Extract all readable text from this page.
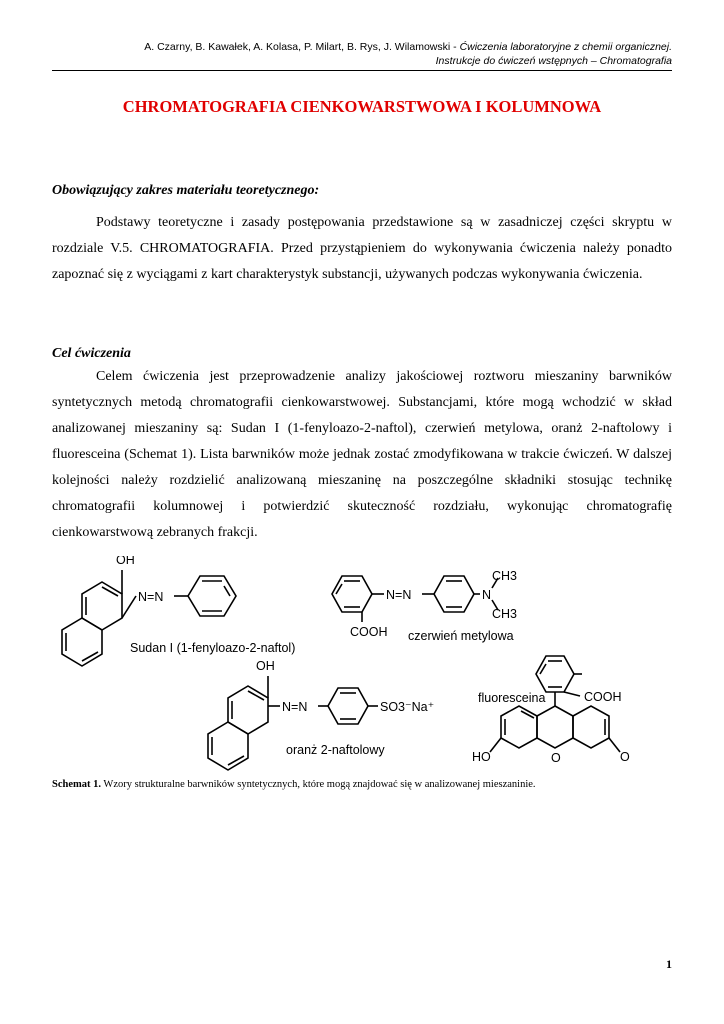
A. Czarny, B. Kawałek, A. Kolasa, P. Milart, B. Rys, J. Wilamowski - Ćwiczenia laboratoryjne z chemii organicznej.
Instrukcje do ćwiczeń wstępnych – Chromatografia
CHROMATOGRAFIA CIENKOWARSTWOWA I KOLUMNOWA
Obowiązujący zakres materiału teoretycznego:

Podstawy teoretyczne i zasady postępowania przedstawione są w zasadniczej części skryptu w rozdziale V.5. CHROMATOGRAFIA. Przed przystąpieniem do wykonywania ćwiczenia należy ponadto zapoznać się z wyciągami z kart charakterystyk substancji, używanych podczas wykonywania ćwiczenia.

Cel ćwiczenia

Celem ćwiczenia jest przeprowadzenie analizy jakościowej roztworu mieszaniny barwników syntetycznych metodą chromatografii cienkowarstwowej. Substancjami, które mogą wchodzić w skład analizowanej mieszaniny są: Sudan I (1-fenyloazo-2-naftol), czerwień metylowa, oranż 2-naftolowy i fluoresceina (Schemat 1). Lista barwników może jednak zostać zmodyfikowana w trakcie ćwiczeń. W dalszej kolejności należy rozdzielić analizowaną mieszaninę na poszczególne składniki stosując technikę chromatografii kolumnowej i potwierdzić skuteczność rozdziału, wykonując chromatografię cienkowarstwową zebranych frakcji.

OH
N=N
Sudan I (1-fenyloazo-2-naftol)
N=N	N
CH3
CH3
COOH czerwień metylowa
OH
N=N	SO3⁻Na⁺
oranż 2-naftolowy
COOH
O
O
HO
fluoresceina
Schemat 1. Wzory strukturalne barwników syntetycznych, które mogą znajdować się w analizowanej mieszaninie.
1
